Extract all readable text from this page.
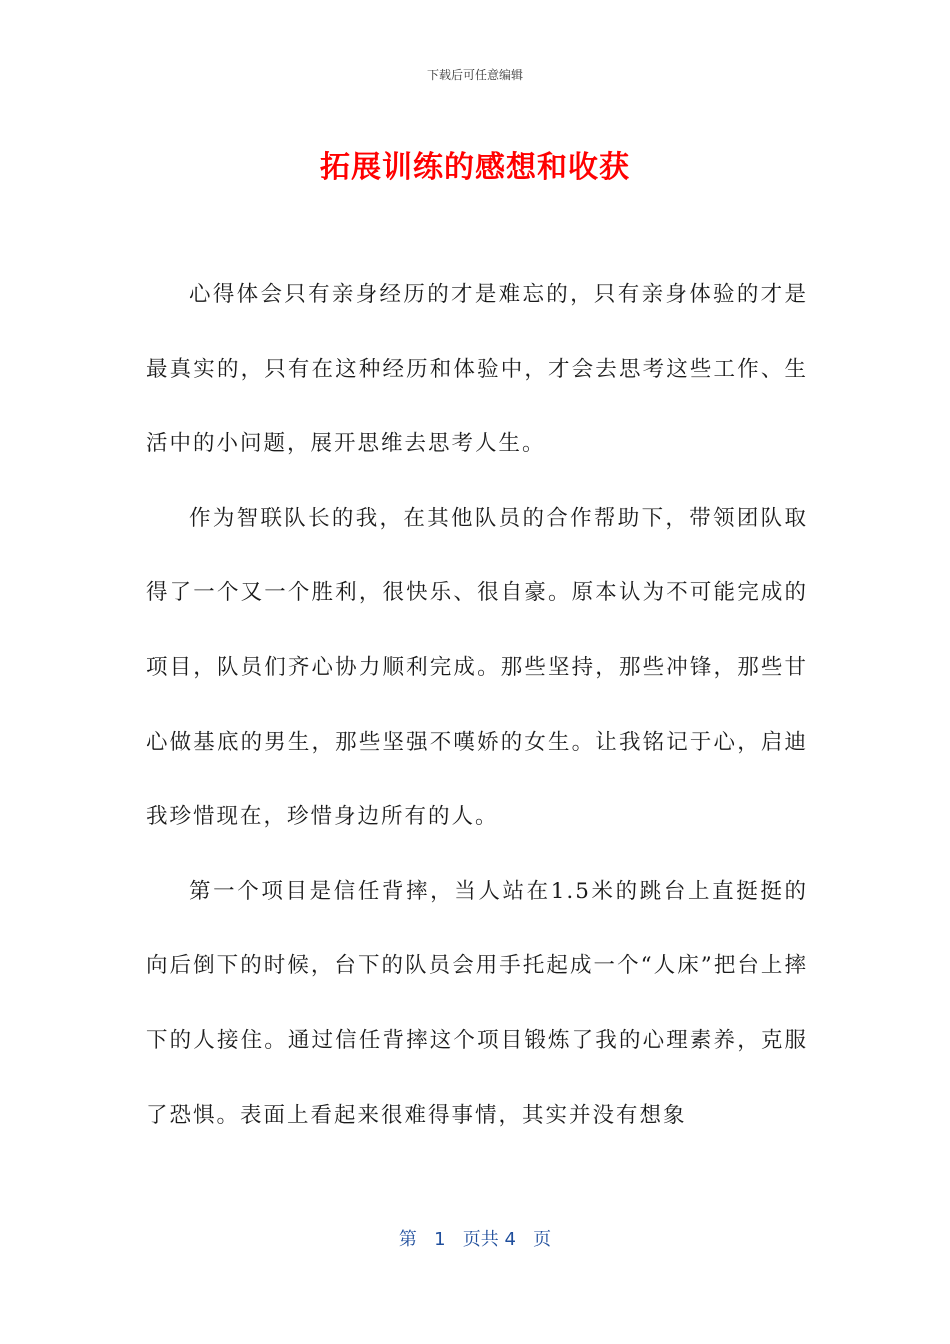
下载后可任意编辑
拓展训练的感想和收获

心得体会只有亲身经历的才是难忘的，只有亲身体验的才是最真实的，只有在这种经历和体验中，才会去思考这些工作、生活中的小问题，展开思维去思考人生。

作为智联队长的我，在其他队员的合作帮助下，带领团队取得了一个又一个胜利，很快乐、很自豪。原本认为不可能完成的项目，队员们齐心协力顺利完成。那些坚持，那些冲锋，那些甘心做基底的男生，那些坚强不嘆娇的女生。让我铭记于心，启迪我珍惜现在，珍惜身边所有的人。

第一个项目是信任背摔，当人站在1.5米的跳台上直挺挺的向后倒下的时候，台下的队员会用手托起成一个“人床”把台上摔下的人接住。通过信任背摔这个项目锻炼了我的心理素养，克服了恐惧。表面上看起来很难得事情，其实并没有想象

第 1 页共 4 页
